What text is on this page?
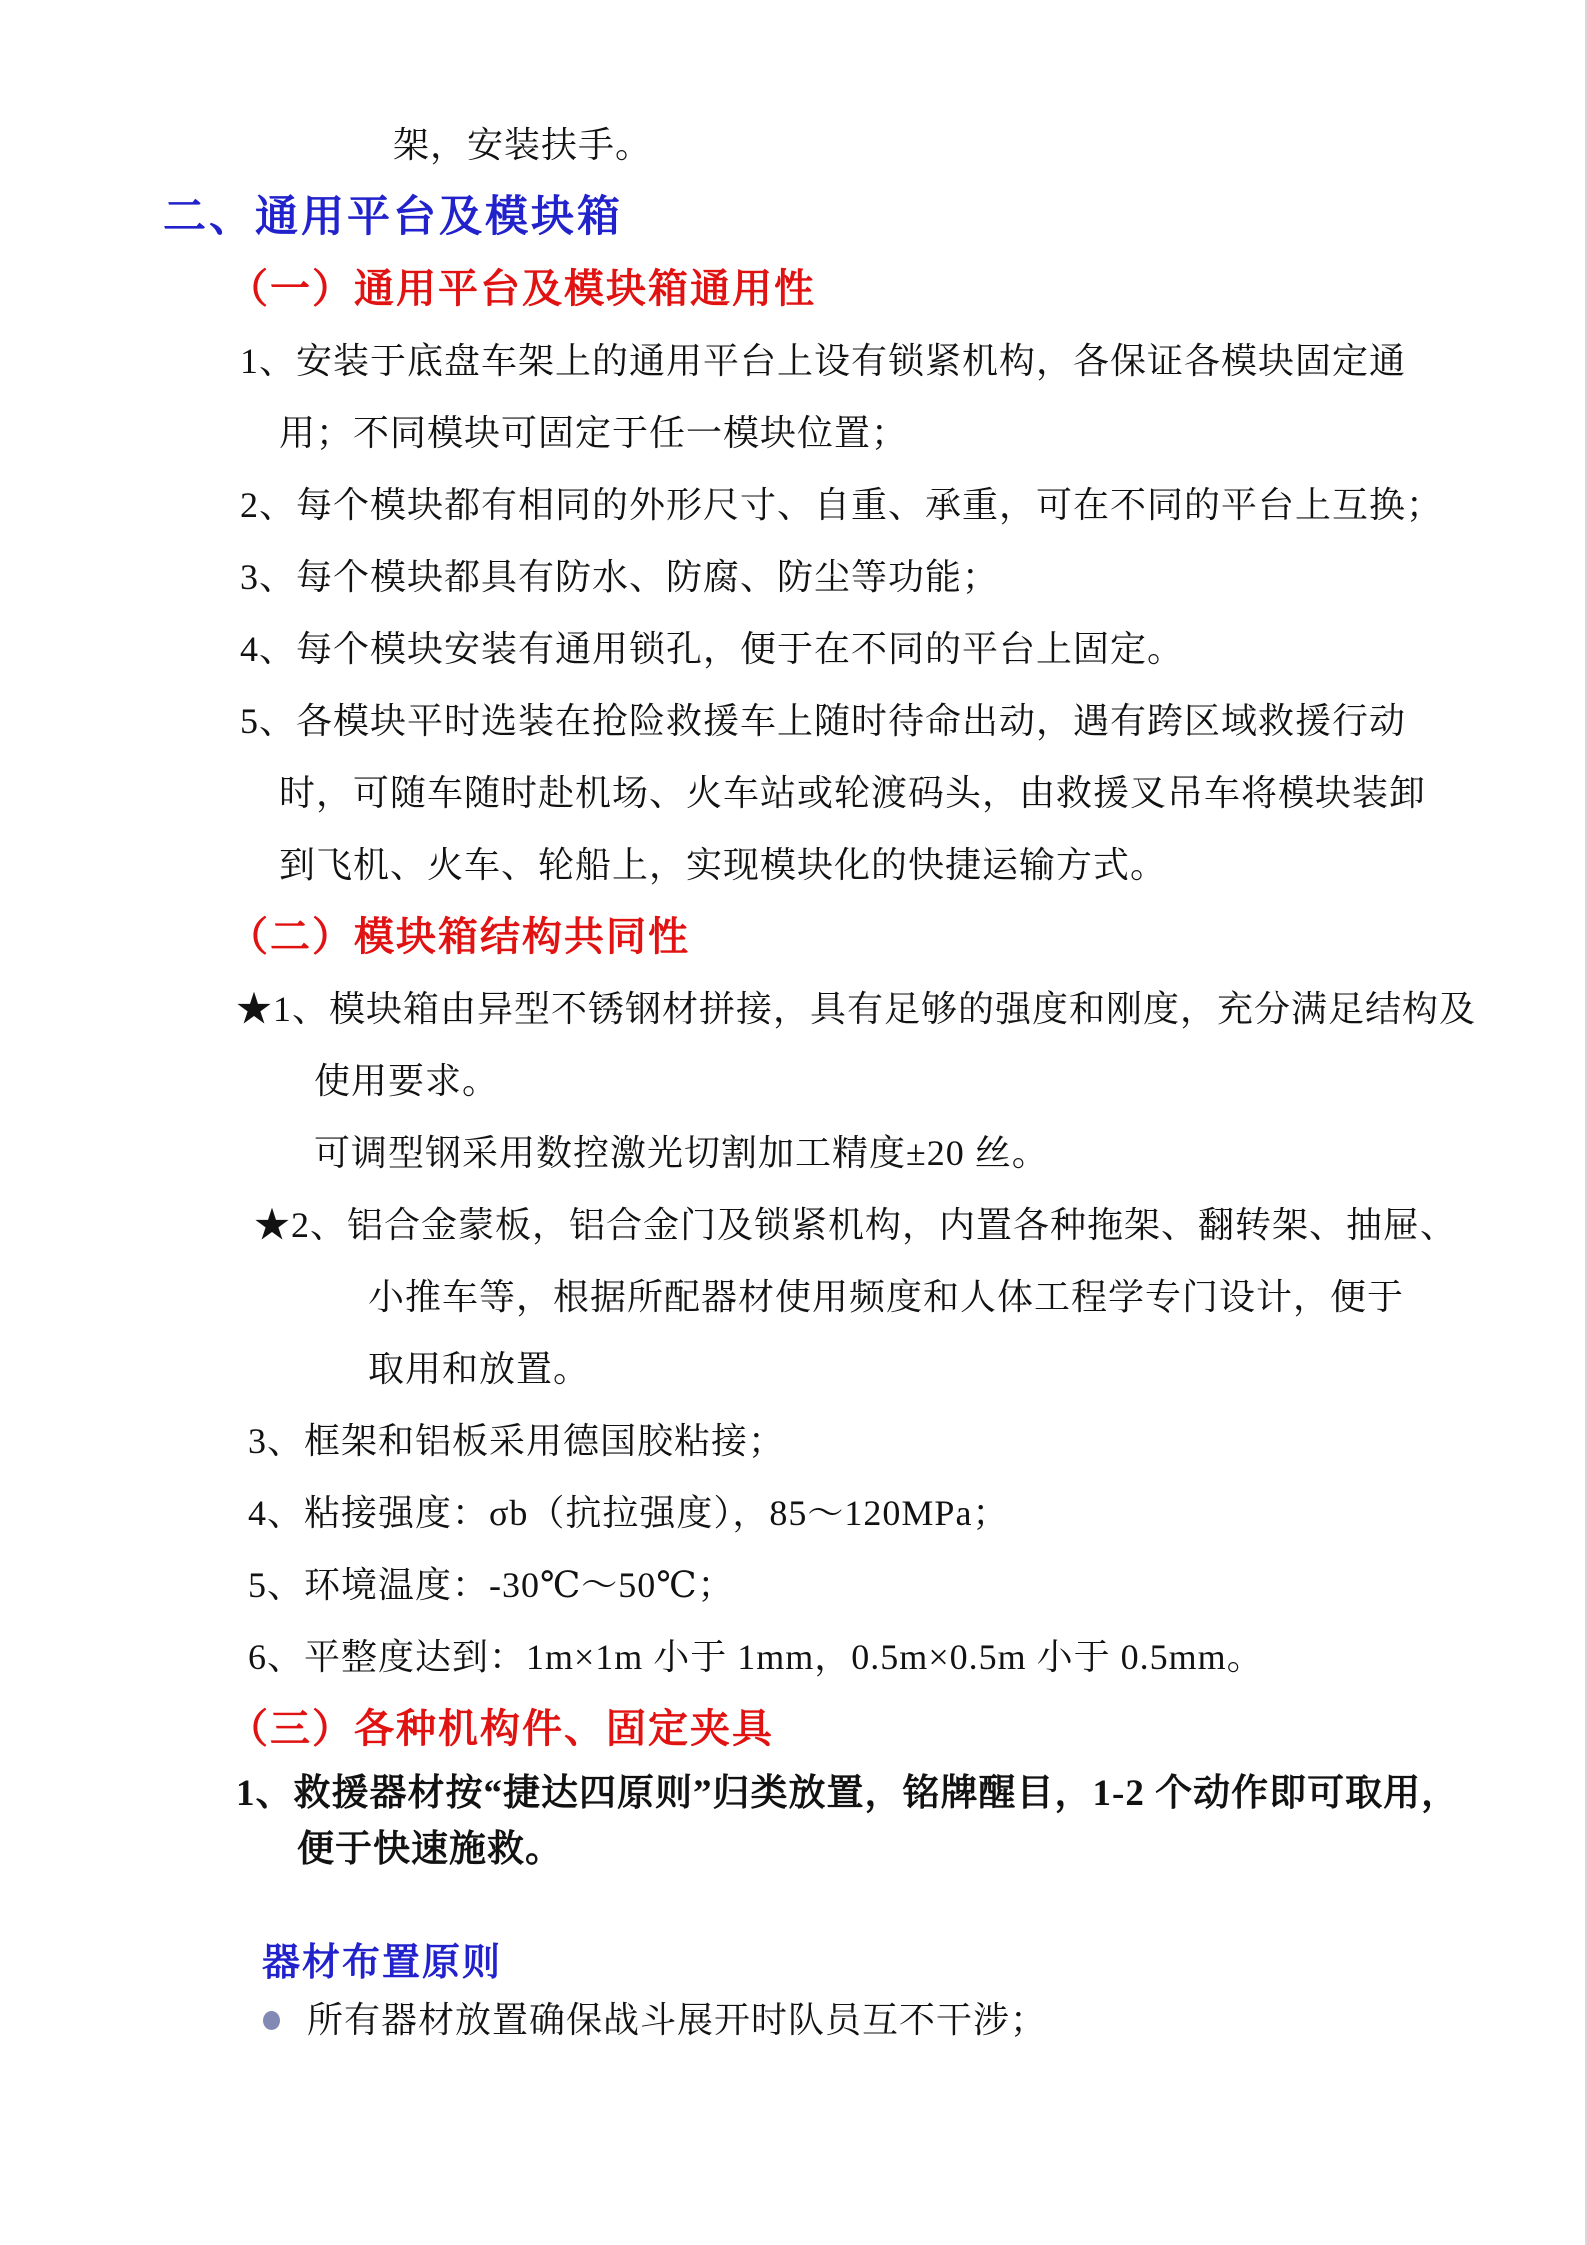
架，安装扶手。
二、通用平台及模块箱
（一）通用平台及模块箱通用性
1、安装于底盘车架上的通用平台上设有锁紧机构，各保证各模块固定通
用；不同模块可固定于任一模块位置；
2、每个模块都有相同的外形尺寸、自重、承重，可在不同的平台上互换；
3、每个模块都具有防水、防腐、防尘等功能；
4、每个模块安装有通用锁孔，便于在不同的平台上固定。
5、各模块平时选装在抢险救援车上随时待命出动，遇有跨区域救援行动
时，可随车随时赴机场、火车站或轮渡码头，由救援叉吊车将模块装卸
到飞机、火车、轮船上，实现模块化的快捷运输方式。
（二）模块箱结构共同性
★1、模块箱由异型不锈钢材拼接，具有足够的强度和刚度，充分满足结构及
使用要求。
可调型钢采用数控激光切割加工精度±20 丝。
★2、铝合金蒙板，铝合金门及锁紧机构，内置各种拖架、翻转架、抽屉、
小推车等，根据所配器材使用频度和人体工程学专门设计，便于
取用和放置。
3、框架和铝板采用德国胶粘接；
4、粘接强度：σb（抗拉强度），85～120MPa；
5、环境温度：-30℃～50℃；
6、平整度达到：1m×1m 小于 1mm，0.5m×0.5m 小于 0.5mm。
（三）各种机构件、固定夹具
1、救援器材按“捷达四原则”归类放置，铭牌醒目，1-2 个动作即可取用，
便于快速施救。
器材布置原则
所有器材放置确保战斗展开时队员互不干涉；
